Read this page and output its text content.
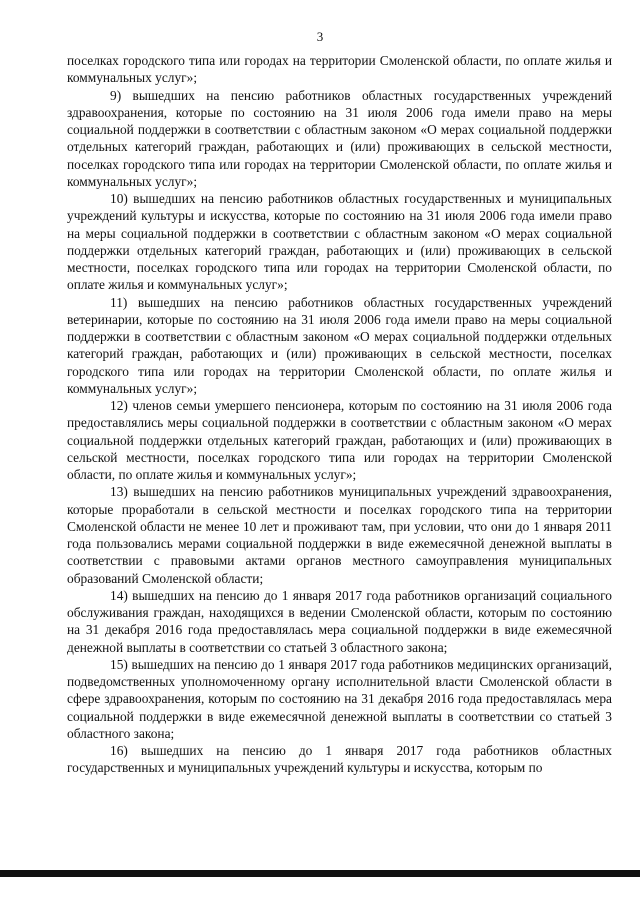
3

поселках городского типа или городах на территории Смоленской области, по оплате жилья и коммунальных услуг»;

9) вышедших на пенсию работников областных государственных учреждений здравоохранения, которые по состоянию на 31 июля 2006 года имели право на меры социальной поддержки в соответствии с областным законом «О мерах социальной поддержки отдельных категорий граждан, работающих и (или) проживающих в сельской местности, поселках городского типа или городах на территории Смоленской области, по оплате жилья и коммунальных услуг»;

10) вышедших на пенсию работников областных государственных и муниципальных учреждений культуры и искусства, которые по состоянию на 31 июля 2006 года имели право на меры социальной поддержки в соответствии с областным законом «О мерах социальной поддержки отдельных категорий граждан, работающих и (или) проживающих в сельской местности, поселках городского типа или городах на территории Смоленской области, по оплате жилья и коммунальных услуг»;

11) вышедших на пенсию работников областных государственных учреждений ветеринарии, которые по состоянию на 31 июля 2006 года имели право на меры социальной поддержки в соответствии с областным законом «О мерах социальной поддержки отдельных категорий граждан, работающих и (или) проживающих в сельской местности, поселках городского типа или городах на территории Смоленской области, по оплате жилья и коммунальных услуг»;

12) членов семьи умершего пенсионера, которым по состоянию на 31 июля 2006 года предоставлялись меры социальной поддержки в соответствии с областным законом «О мерах социальной поддержки отдельных категорий граждан, работающих и (или) проживающих в сельской местности, поселках городского типа или городах на территории Смоленской области, по оплате жилья и коммунальных услуг»;

13) вышедших на пенсию работников муниципальных учреждений здравоохранения, которые проработали в сельской местности и поселках городского типа на территории Смоленской области не менее 10 лет и проживают там, при условии, что они до 1 января 2011 года пользовались мерами социальной поддержки в виде ежемесячной денежной выплаты в соответствии с правовыми актами органов местного самоуправления муниципальных образований Смоленской области;

14) вышедших на пенсию до 1 января 2017 года работников организаций социального обслуживания граждан, находящихся в ведении Смоленской области, которым по состоянию на 31 декабря 2016 года предоставлялась мера социальной поддержки в виде ежемесячной денежной выплаты в соответствии со статьей 3 областного закона;

15) вышедших на пенсию до 1 января 2017 года работников медицинских организаций, подведомственных уполномоченному органу исполнительной власти Смоленской области в сфере здравоохранения, которым по состоянию на 31 декабря 2016 года предоставлялась мера социальной поддержки в виде ежемесячной денежной выплаты в соответствии со статьей 3 областного закона;

16) вышедших на пенсию до 1 января 2017 года работников областных государственных и муниципальных учреждений культуры и искусства, которым по
